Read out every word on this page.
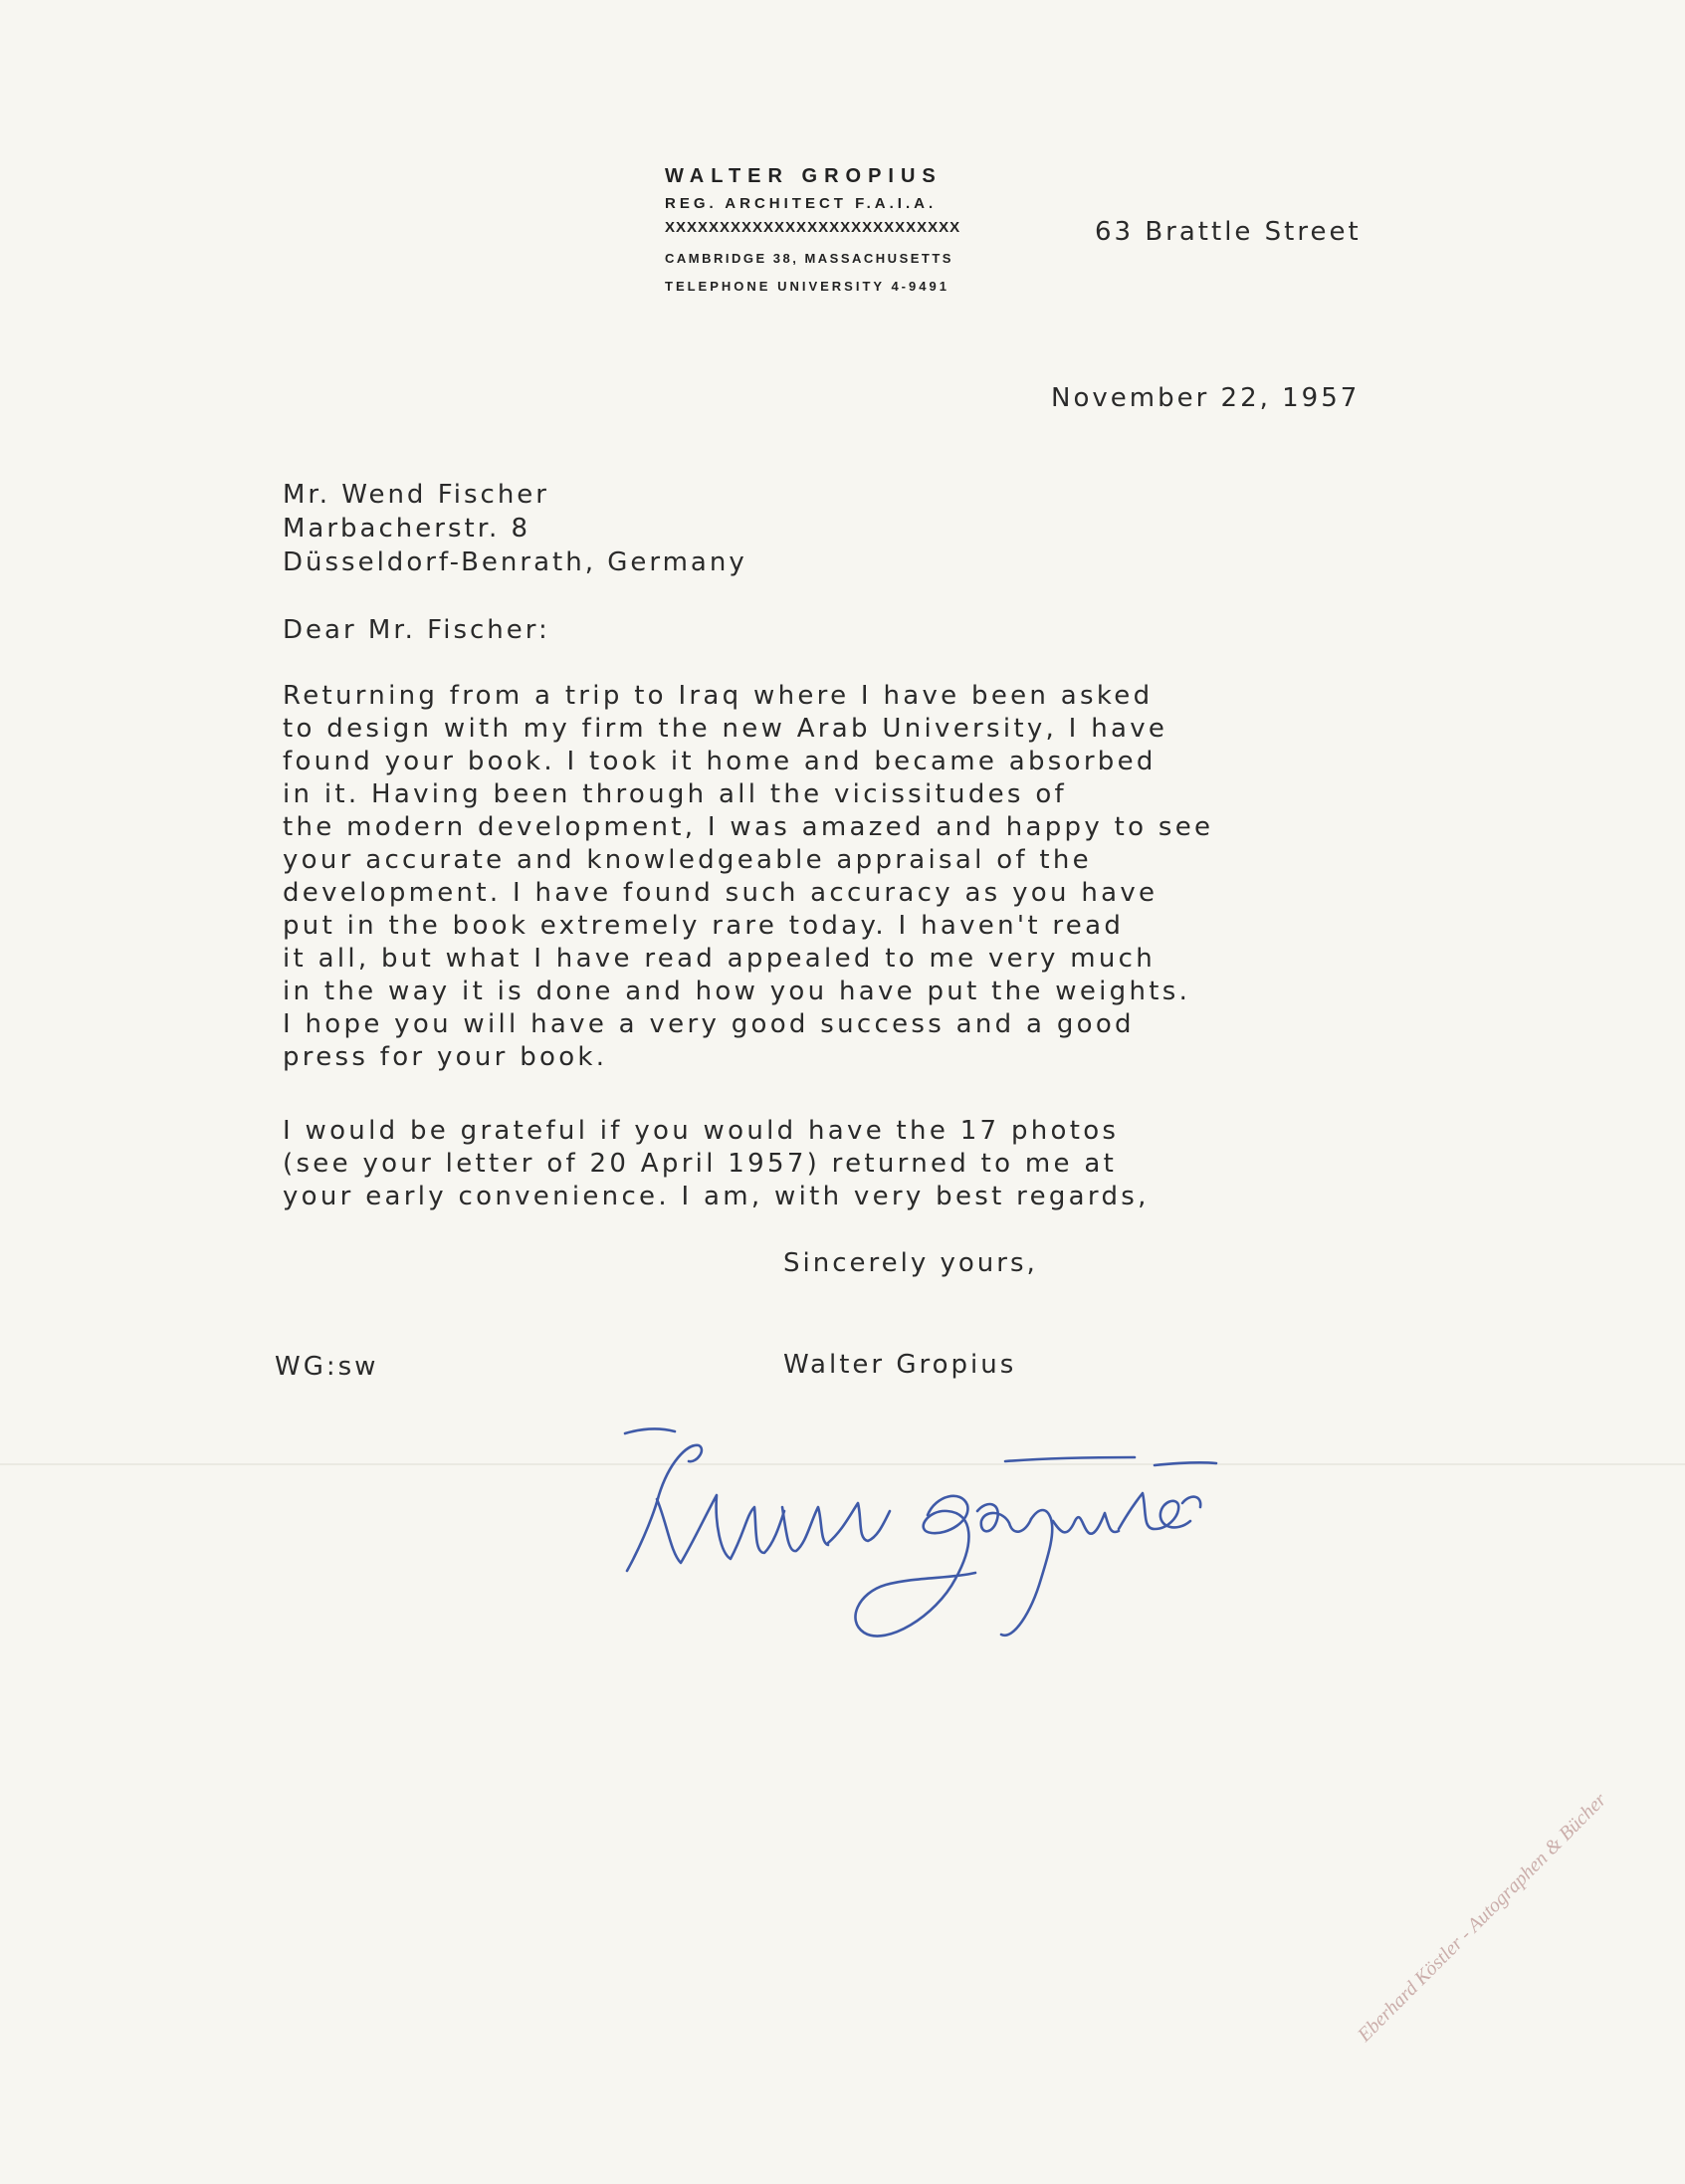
WALTER GROPIUS
REG. ARCHITECT F.A.I.A.
XXXXXXXXXXXXXXXXXXXXXXXXXXX
CAMBRIDGE 38, MASSACHUSETTS
TELEPHONE UNIVERSITY 4-9491
63 Brattle Street
November 22, 1957
Mr. Wend Fischer
Marbacherstr. 8
Düsseldorf-Benrath, Germany
Dear Mr. Fischer:
Returning from a trip to Iraq where I have been asked
to design with my firm the new Arab University, I have
found your book. I took it home and became absorbed
in it. Having been through all the vicissitudes of
the modern development, I was amazed and happy to see
your accurate and knowledgeable appraisal of the
development. I have found such accuracy as you have
put in the book extremely rare today. I haven't read
it all, but what I have read appealed to me very much
in the way it is done and how you have put the weights.
I hope you will have a very good success and a good
press for your book.
I would be grateful if you would have the 17 photos
(see your letter of 20 April 1957) returned to me at
your early convenience. I am, with very best regards,
Sincerely yours,
WG:sw	Walter Gropius
Eberhard Köstler - Autographen & Bücher
